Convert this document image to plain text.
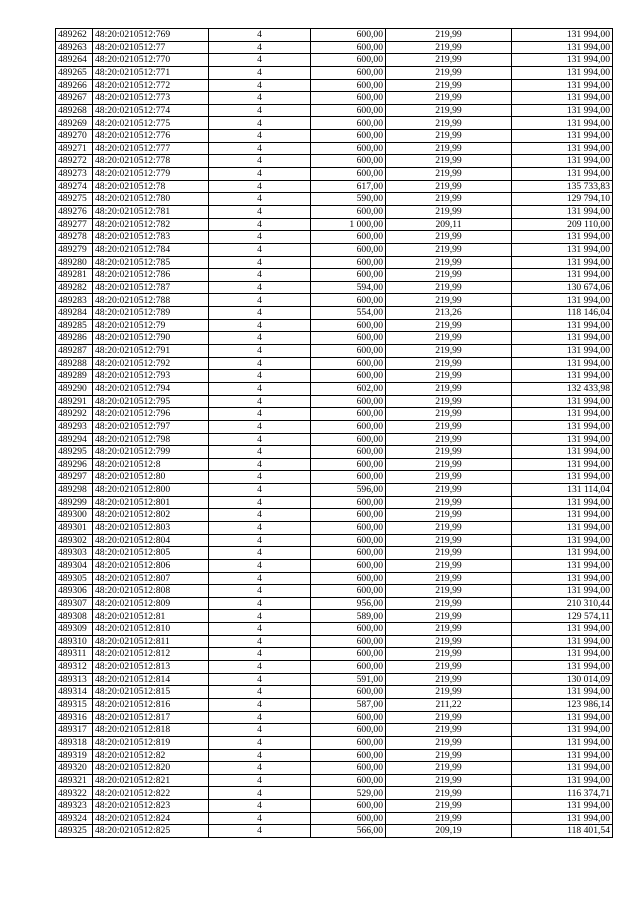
489262	48:20:0210512:769	4	600,00	219,99	131 994,00
489263	48:20:0210512:77	4	600,00	219,99	131 994,00
489264	48:20:0210512:770	4	600,00	219,99	131 994,00
489265	48:20:0210512:771	4	600,00	219,99	131 994,00
489266	48:20:0210512:772	4	600,00	219,99	131 994,00
489267	48:20:0210512:773	4	600,00	219,99	131 994,00
489268	48:20:0210512:774	4	600,00	219,99	131 994,00
489269	48:20:0210512:775	4	600,00	219,99	131 994,00
489270	48:20:0210512:776	4	600,00	219,99	131 994,00
489271	48:20:0210512:777	4	600,00	219,99	131 994,00
489272	48:20:0210512:778	4	600,00	219,99	131 994,00
489273	48:20:0210512:779	4	600,00	219,99	131 994,00
489274	48:20:0210512:78	4	617,00	219,99	135 733,83
489275	48:20:0210512:780	4	590,00	219,99	129 794,10
489276	48:20:0210512:781	4	600,00	219,99	131 994,00
489277	48:20:0210512:782	4	1 000,00	209,11	209 110,00
489278	48:20:0210512:783	4	600,00	219,99	131 994,00
489279	48:20:0210512:784	4	600,00	219,99	131 994,00
489280	48:20:0210512:785	4	600,00	219,99	131 994,00
489281	48:20:0210512:786	4	600,00	219,99	131 994,00
489282	48:20:0210512:787	4	594,00	219,99	130 674,06
489283	48:20:0210512:788	4	600,00	219,99	131 994,00
489284	48:20:0210512:789	4	554,00	213,26	118 146,04
489285	48:20:0210512:79	4	600,00	219,99	131 994,00
489286	48:20:0210512:790	4	600,00	219,99	131 994,00
489287	48:20:0210512:791	4	600,00	219,99	131 994,00
489288	48:20:0210512:792	4	600,00	219,99	131 994,00
489289	48:20:0210512:793	4	600,00	219,99	131 994,00
489290	48:20:0210512:794	4	602,00	219,99	132 433,98
489291	48:20:0210512:795	4	600,00	219,99	131 994,00
489292	48:20:0210512:796	4	600,00	219,99	131 994,00
489293	48:20:0210512:797	4	600,00	219,99	131 994,00
489294	48:20:0210512:798	4	600,00	219,99	131 994,00
489295	48:20:0210512:799	4	600,00	219,99	131 994,00
489296	48:20:0210512:8	4	600,00	219,99	131 994,00
489297	48:20:0210512:80	4	600,00	219,99	131 994,00
489298	48:20:0210512:800	4	596,00	219,99	131 114,04
489299	48:20:0210512:801	4	600,00	219,99	131 994,00
489300	48:20:0210512:802	4	600,00	219,99	131 994,00
489301	48:20:0210512:803	4	600,00	219,99	131 994,00
489302	48:20:0210512:804	4	600,00	219,99	131 994,00
489303	48:20:0210512:805	4	600,00	219,99	131 994,00
489304	48:20:0210512:806	4	600,00	219,99	131 994,00
489305	48:20:0210512:807	4	600,00	219,99	131 994,00
489306	48:20:0210512:808	4	600,00	219,99	131 994,00
489307	48:20:0210512:809	4	956,00	219,99	210 310,44
489308	48:20:0210512:81	4	589,00	219,99	129 574,11
489309	48:20:0210512:810	4	600,00	219,99	131 994,00
489310	48:20:0210512:811	4	600,00	219,99	131 994,00
489311	48:20:0210512:812	4	600,00	219,99	131 994,00
489312	48:20:0210512:813	4	600,00	219,99	131 994,00
489313	48:20:0210512:814	4	591,00	219,99	130 014,09
489314	48:20:0210512:815	4	600,00	219,99	131 994,00
489315	48:20:0210512:816	4	587,00	211,22	123 986,14
489316	48:20:0210512:817	4	600,00	219,99	131 994,00
489317	48:20:0210512:818	4	600,00	219,99	131 994,00
489318	48:20:0210512:819	4	600,00	219,99	131 994,00
489319	48:20:0210512:82	4	600,00	219,99	131 994,00
489320	48:20:0210512:820	4	600,00	219,99	131 994,00
489321	48:20:0210512:821	4	600,00	219,99	131 994,00
489322	48:20:0210512:822	4	529,00	219,99	116 374,71
489323	48:20:0210512:823	4	600,00	219,99	131 994,00
489324	48:20:0210512:824	4	600,00	219,99	131 994,00
489325	48:20:0210512:825	4	566,00	209,19	118 401,54
